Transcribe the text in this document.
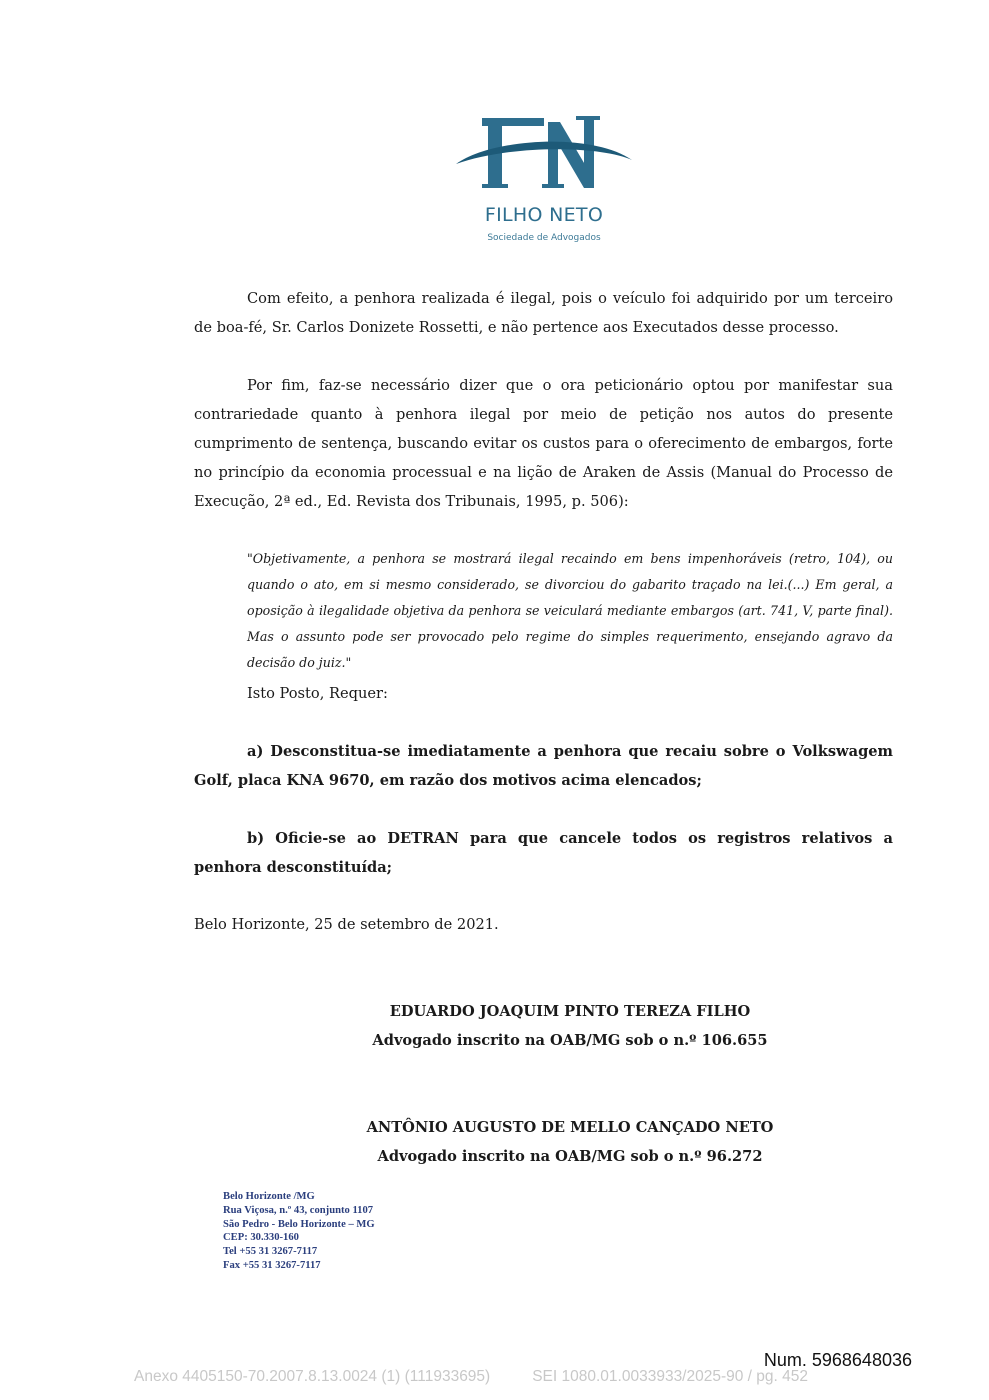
FILHO NETO
Sociedade de Advogados
Com efeito, a penhora realizada é ilegal, pois o veículo foi adquirido por um terceiro de boa-fé, Sr. Carlos Donizete Rossetti, e não pertence aos Executados desse processo.
Por fim, faz-se necessário dizer que o ora peticionário optou por manifestar sua contrariedade quanto à penhora ilegal por meio de petição nos autos do presente cumprimento de sentença, buscando evitar os custos para o oferecimento de embargos, forte no princípio da economia processual e na lição de Araken de Assis (Manual do Processo de Execução, 2ª ed., Ed. Revista dos Tribunais, 1995, p. 506):
"Objetivamente, a penhora se mostrará ilegal recaindo em bens impenhoráveis (retro, 104), ou quando o ato, em si mesmo considerado, se divorciou do gabarito traçado na lei.(...) Em geral, a oposição à ilegalidade objetiva da penhora se veiculará mediante embargos (art. 741, V, parte final). Mas o assunto pode ser provocado pelo regime do simples requerimento, ensejando agravo da decisão do juiz."
Isto Posto, Requer:
a) Desconstitua-se imediatamente a penhora que recaiu sobre o Volkswagem Golf, placa KNA 9670, em razão dos motivos acima elencados;
b) Oficie-se ao DETRAN para que cancele todos os registros relativos a penhora desconstituída;
Belo Horizonte, 25 de setembro de 2021.
EDUARDO JOAQUIM PINTO TEREZA FILHO
Advogado inscrito na OAB/MG sob o n.º 106.655
ANTÔNIO AUGUSTO DE MELLO CANÇADO NETO
Advogado inscrito na OAB/MG sob o n.º 96.272
Belo Horizonte /MG
Rua Viçosa, n.º 43, conjunto 1107
São Pedro - Belo Horizonte – MG
CEP: 30.330-160
Tel +55 31 3267-7117
Fax +55 31 3267-7117
Num. 5968648036
Anexo 4405150-70.2007.8.13.0024 (1) (111933695)	SEI 1080.01.0033933/2025-90 / pg. 452
